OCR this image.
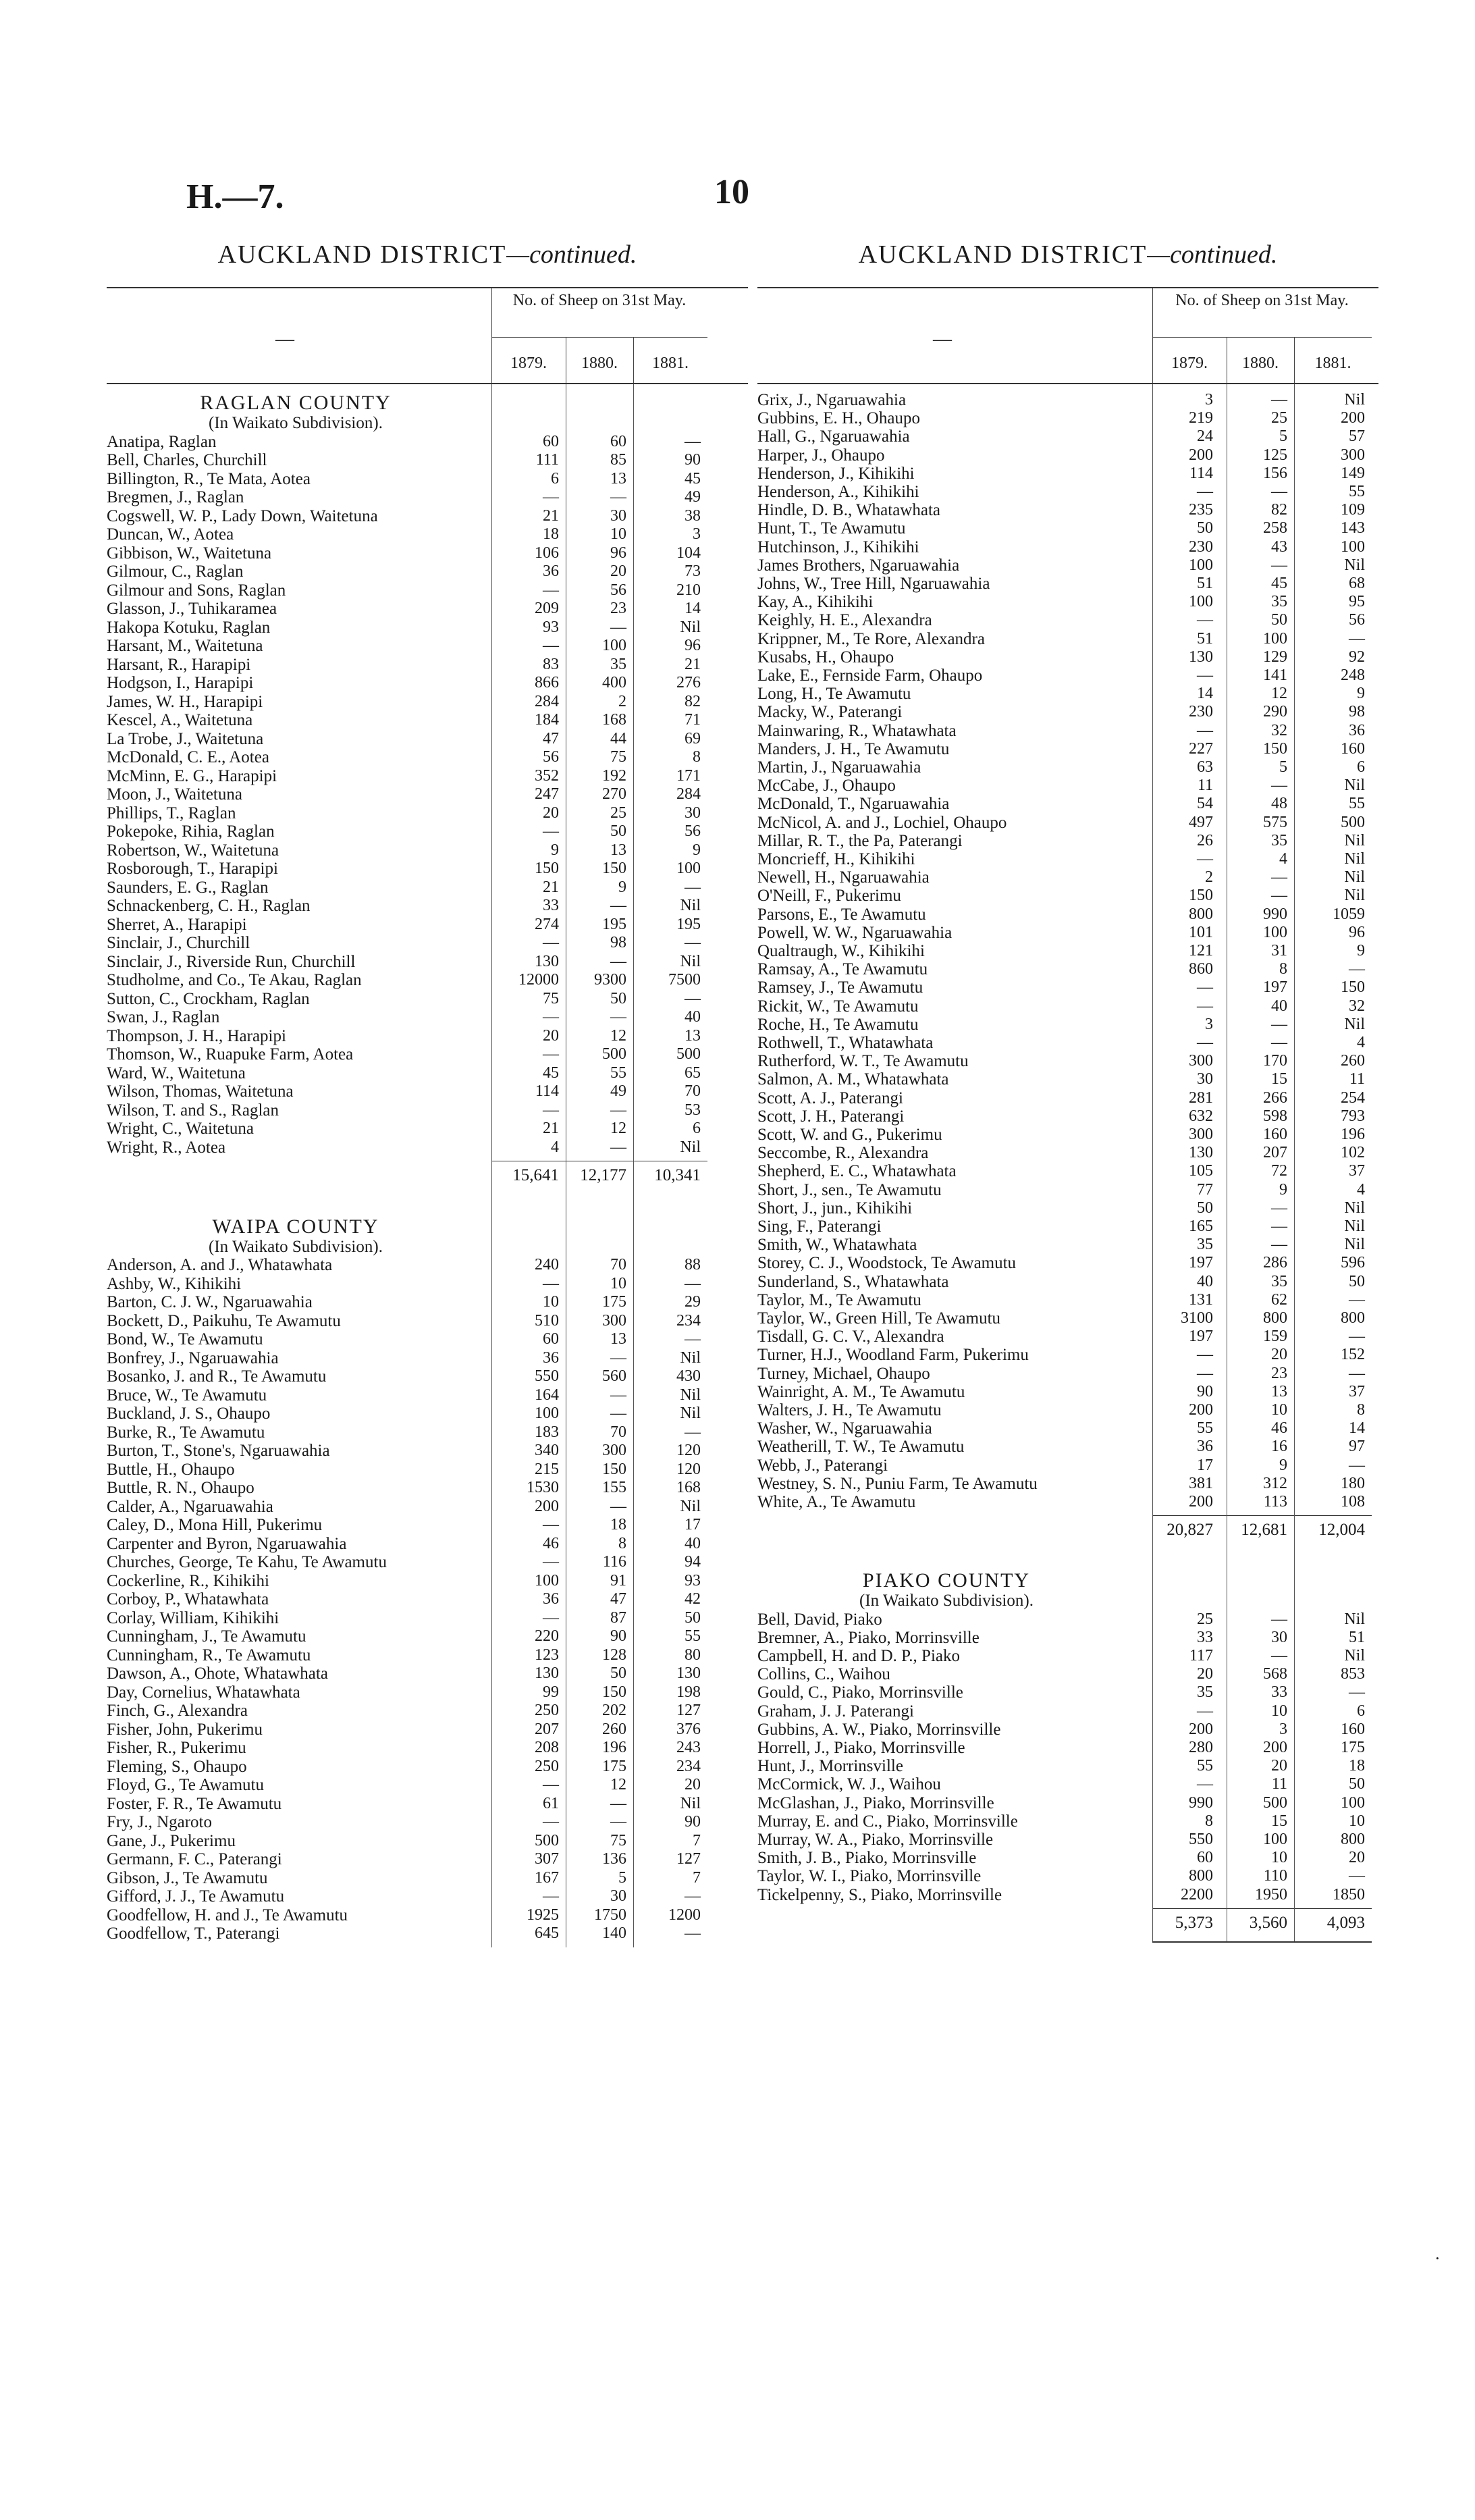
H.—7.	10
AUCKLAND DISTRICT—continued.
—
No. of Sheep on 31st May.
1879.	1880.	1881.
RAGLAN COUNTY
(In Waikato Subdivision).
Anatipa, Raglan	60	60	—
Bell, Charles, Churchill	111	85	90
Billington, R., Te Mata, Aotea	6	13	45
Bregmen, J., Raglan	—	—	49
Cogswell, W. P., Lady Down, Waitetuna	21	30	38
Duncan, W., Aotea	18	10	3
Gibbison, W., Waitetuna	106	96	104
Gilmour, C., Raglan	36	20	73
Gilmour and Sons, Raglan	—	56	210
Glasson, J., Tuhikaramea	209	23	14
Hakopa Kotuku, Raglan	93	—	Nil
Harsant, M., Waitetuna	—	100	96
Harsant, R., Harapipi	83	35	21
Hodgson, I., Harapipi	866	400	276
James, W. H., Harapipi	284	2	82
Kescel, A., Waitetuna	184	168	71
La Trobe, J., Waitetuna	47	44	69
McDonald, C. E., Aotea	56	75	8
McMinn, E. G., Harapipi	352	192	171
Moon, J., Waitetuna	247	270	284
Phillips, T., Raglan	20	25	30
Pokepoke, Rihia, Raglan	—	50	56
Robertson, W., Waitetuna	9	13	9
Rosborough, T., Harapipi	150	150	100
Saunders, E. G., Raglan	21	9	—
Schnackenberg, C. H., Raglan	33	—	Nil
Sherret, A., Harapipi	274	195	195
Sinclair, J., Churchill	—	98	—
Sinclair, J., Riverside Run, Churchill	130	—	Nil
Studholme, and Co., Te Akau, Raglan	12000	9300	7500
Sutton, C., Crockham, Raglan	75	50	—
Swan, J., Raglan	—	—	40
Thompson, J. H., Harapipi	20	12	13
Thomson, W., Ruapuke Farm, Aotea	—	500	500
Ward, W., Waitetuna	45	55	65
Wilson, Thomas, Waitetuna	114	49	70
Wilson, T. and S., Raglan	—	—	53
Wright, C., Waitetuna	21	12	6
Wright, R., Aotea	4	—	Nil
15,641	12,177	10,341
WAIPA COUNTY
(In Waikato Subdivision).
Anderson, A. and J., Whatawhata	240	70	88
Ashby, W., Kihikihi	—	10	—
Barton, C. J. W., Ngaruawahia	10	175	29
Bockett, D., Paikuhu, Te Awamutu	510	300	234
Bond, W., Te Awamutu	60	13	—
Bonfrey, J., Ngaruawahia	36	—	Nil
Bosanko, J. and R., Te Awamutu	550	560	430
Bruce, W., Te Awamutu	164	—	Nil
Buckland, J. S., Ohaupo	100	—	Nil
Burke, R., Te Awamutu	183	70	—
Burton, T., Stone's, Ngaruawahia	340	300	120
Buttle, H., Ohaupo	215	150	120
Buttle, R. N., Ohaupo	1530	155	168
Calder, A., Ngaruawahia	200	—	Nil
Caley, D., Mona Hill, Pukerimu	—	18	17
Carpenter and Byron, Ngaruawahia	46	8	40
Churches, George, Te Kahu, Te Awamutu	—	116	94
Cockerline, R., Kihikihi	100	91	93
Corboy, P., Whatawhata	36	47	42
Corlay, William, Kihikihi	—	87	50
Cunningham, J., Te Awamutu	220	90	55
Cunningham, R., Te Awamutu	123	128	80
Dawson, A., Ohote, Whatawhata	130	50	130
Day, Cornelius, Whatawhata	99	150	198
Finch, G., Alexandra	250	202	127
Fisher, John, Pukerimu	207	260	376
Fisher, R., Pukerimu	208	196	243
Fleming, S., Ohaupo	250	175	234
Floyd, G., Te Awamutu	—	12	20
Foster, F. R., Te Awamutu	61	—	Nil
Fry, J., Ngaroto	—	—	90
Gane, J., Pukerimu	500	75	7
Germann, F. C., Paterangi	307	136	127
Gibson, J., Te Awamutu	167	5	7
Gifford, J. J., Te Awamutu	—	30	—
Goodfellow, H. and J., Te Awamutu	1925	1750	1200
Goodfellow, T., Paterangi	645	140	—
AUCKLAND DISTRICT—continued.
—
No. of Sheep on 31st May.
1879.	1880.	1881.
Grix, J., Ngaruawahia	3	—	Nil
Gubbins, E. H., Ohaupo	219	25	200
Hall, G., Ngaruawahia	24	5	57
Harper, J., Ohaupo	200	125	300
Henderson, J., Kihikihi	114	156	149
Henderson, A., Kihikihi	—	—	55
Hindle, D. B., Whatawhata	235	82	109
Hunt, T., Te Awamutu	50	258	143
Hutchinson, J., Kihikihi	230	43	100
James Brothers, Ngaruawahia	100	—	Nil
Johns, W., Tree Hill, Ngaruawahia	51	45	68
Kay, A., Kihikihi	100	35	95
Keighly, H. E., Alexandra	—	50	56
Krippner, M., Te Rore, Alexandra	51	100	—
Kusabs, H., Ohaupo	130	129	92
Lake, E., Fernside Farm, Ohaupo	—	141	248
Long, H., Te Awamutu	14	12	9
Macky, W., Paterangi	230	290	98
Mainwaring, R., Whatawhata	—	32	36
Manders, J. H., Te Awamutu	227	150	160
Martin, J., Ngaruawahia	63	5	6
McCabe, J., Ohaupo	11	—	Nil
McDonald, T., Ngaruawahia	54	48	55
McNicol, A. and J., Lochiel, Ohaupo	497	575	500
Millar, R. T., the Pa, Paterangi	26	35	Nil
Moncrieff, H., Kihikihi	—	4	Nil
Newell, H., Ngaruawahia	2	—	Nil
O'Neill, F., Pukerimu	150	—	Nil
Parsons, E., Te Awamutu	800	990	1059
Powell, W. W., Ngaruawahia	101	100	96
Qualtraugh, W., Kihikihi	121	31	9
Ramsay, A., Te Awamutu	860	8	—
Ramsey, J., Te Awamutu	—	197	150
Rickit, W., Te Awamutu	—	40	32
Roche, H., Te Awamutu	3	—	Nil
Rothwell, T., Whatawhata	—	—	4
Rutherford, W. T., Te Awamutu	300	170	260
Salmon, A. M., Whatawhata	30	15	11
Scott, A. J., Paterangi	281	266	254
Scott, J. H., Paterangi	632	598	793
Scott, W. and G., Pukerimu	300	160	196
Seccombe, R., Alexandra	130	207	102
Shepherd, E. C., Whatawhata	105	72	37
Short, J., sen., Te Awamutu	77	9	4
Short, J., jun., Kihikihi	50	—	Nil
Sing, F., Paterangi	165	—	Nil
Smith, W., Whatawhata	35	—	Nil
Storey, C. J., Woodstock, Te Awamutu	197	286	596
Sunderland, S., Whatawhata	40	35	50
Taylor, M., Te Awamutu	131	62	—
Taylor, W., Green Hill, Te Awamutu	3100	800	800
Tisdall, G. C. V., Alexandra	197	159	—
Turner, H.J., Woodland Farm, Pukerimu	—	20	152
Turney, Michael, Ohaupo	—	23	—
Wainright, A. M., Te Awamutu	90	13	37
Walters, J. H., Te Awamutu	200	10	8
Washer, W., Ngaruawahia	55	46	14
Weatherill, T. W., Te Awamutu	36	16	97
Webb, J., Paterangi	17	9	—
Westney, S. N., Puniu Farm, Te Awamutu	381	312	180
White, A., Te Awamutu	200	113	108
20,827	12,681	12,004
PIAKO COUNTY
(In Waikato Subdivision).
Bell, David, Piako	25	—	Nil
Bremner, A., Piako, Morrinsville	33	30	51
Campbell, H. and D. P., Piako	117	—	Nil
Collins, C., Waihou	20	568	853
Gould, C., Piako, Morrinsville	35	33	—
Graham, J. J. Paterangi	—	10	6
Gubbins, A. W., Piako, Morrinsville	200	3	160
Horrell, J., Piako, Morrinsville	280	200	175
Hunt, J., Morrinsville	55	20	18
McCormick, W. J., Waihou	—	11	50
McGlashan, J., Piako, Morrinsville	990	500	100
Murray, E. and C., Piako, Morrinsville	8	15	10
Murray, W. A., Piako, Morrinsville	550	100	800
Smith, J. B., Piako, Morrinsville	60	10	20
Taylor, W. I., Piako, Morrinsville	800	110	—
Tickelpenny, S., Piako, Morrinsville	2200	1950	1850
5,373	3,560	4,093
·
